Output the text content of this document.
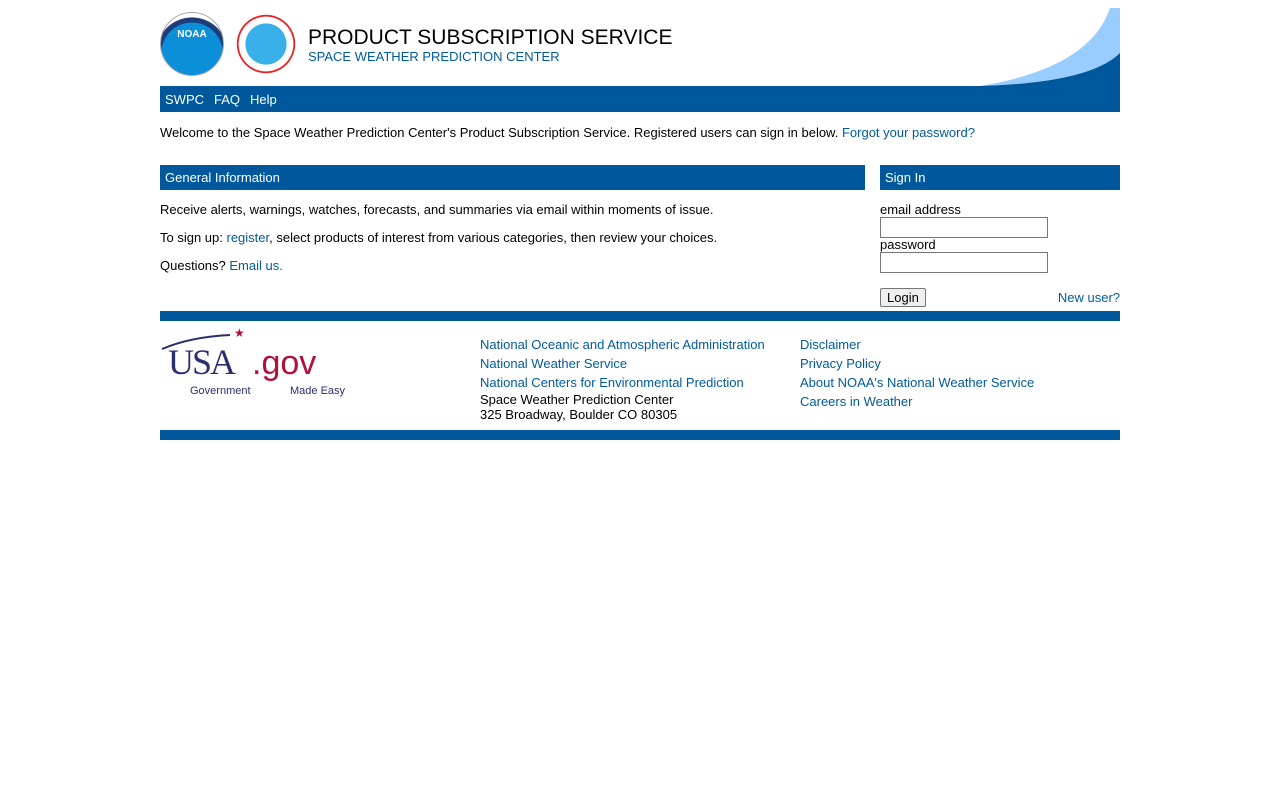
NOAA	PRODUCT SUBSCRIPTION SERVICE
SPACE WEATHER PREDICTION CENTER
SWPC FAQ Help
Welcome to the Space Weather Prediction Center's Product Subscription Service. Registered users can sign in below. Forgot your password?
General Information

Receive alerts, warnings, watches, forecasts, and summaries via email within moments of issue.

To sign up: register, select products of interest from various categories, then review your choices.

Questions? Email us.

Sign In
email address
password
Login	New user?
★
USA .gov
Government	Made Easy
National Oceanic and Atmospheric Administration
National Weather Service
National Centers for Environmental Prediction
Space Weather Prediction Center
325 Broadway, Boulder CO 80305
Disclaimer
Privacy Policy
About NOAA's National Weather Service
Careers in Weather
